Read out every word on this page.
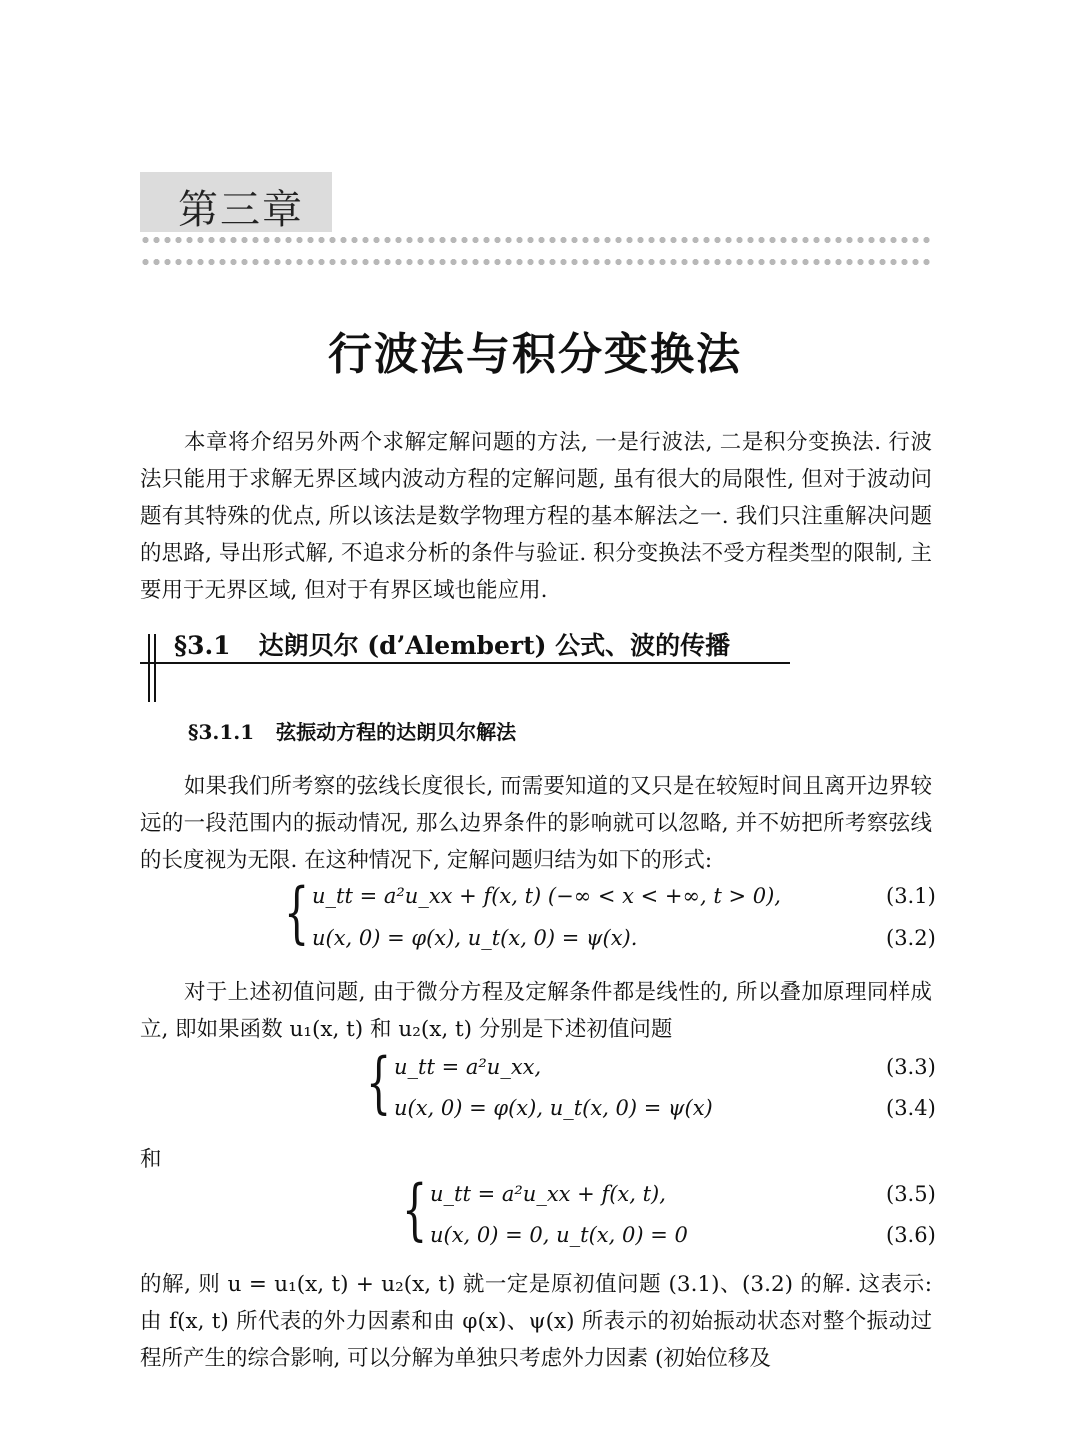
第三章
行波法与积分变换法

本章将介绍另外两个求解定解问题的方法, 一是行波法, 二是积分变换法. 行波法只能用于求解无界区域内波动方程的定解问题, 虽有很大的局限性, 但对于波动问题有其特殊的优点, 所以该法是数学物理方程的基本解法之一. 我们只注重解决问题的思路, 导出形式解, 不追求分析的条件与验证. 积分变换法不受方程类型的限制, 主要用于无界区域, 但对于有界区域也能应用.

§3.1 达朗贝尔 (d’Alembert) 公式、波的传播
§3.1.1 弦振动方程的达朗贝尔解法

如果我们所考察的弦线长度很长, 而需要知道的又只是在较短时间且离开边界较远的一段范围内的振动情况, 那么边界条件的影响就可以忽略, 并不妨把所考察弦线的长度视为无限. 在这种情况下, 定解问题归结为如下的形式:

{ u_tt = a²u_xx + f(x, t) (−∞ < x < +∞, t > 0),	(3.1)
u(x, 0) = φ(x), u_t(x, 0) = ψ(x).	(3.2)

对于上述初值问题, 由于微分方程及定解条件都是线性的, 所以叠加原理同样成立, 即如果函数 u₁(x, t) 和 u₂(x, t) 分别是下述初值问题

{ u_tt = a²u_xx,	(3.3)
u(x, 0) = φ(x), u_t(x, 0) = ψ(x)	(3.4)
和
{ u_tt = a²u_xx + f(x, t),	(3.5)
u(x, 0) = 0, u_t(x, 0) = 0	(3.6)

的解, 则 u = u₁(x, t) + u₂(x, t) 就一定是原初值问题 (3.1)、(3.2) 的解. 这表示: 由 f(x, t) 所代表的外力因素和由 φ(x)、ψ(x) 所表示的初始振动状态对整个振动过程所产生的综合影响, 可以分解为单独只考虑外力因素 (初始位移及
